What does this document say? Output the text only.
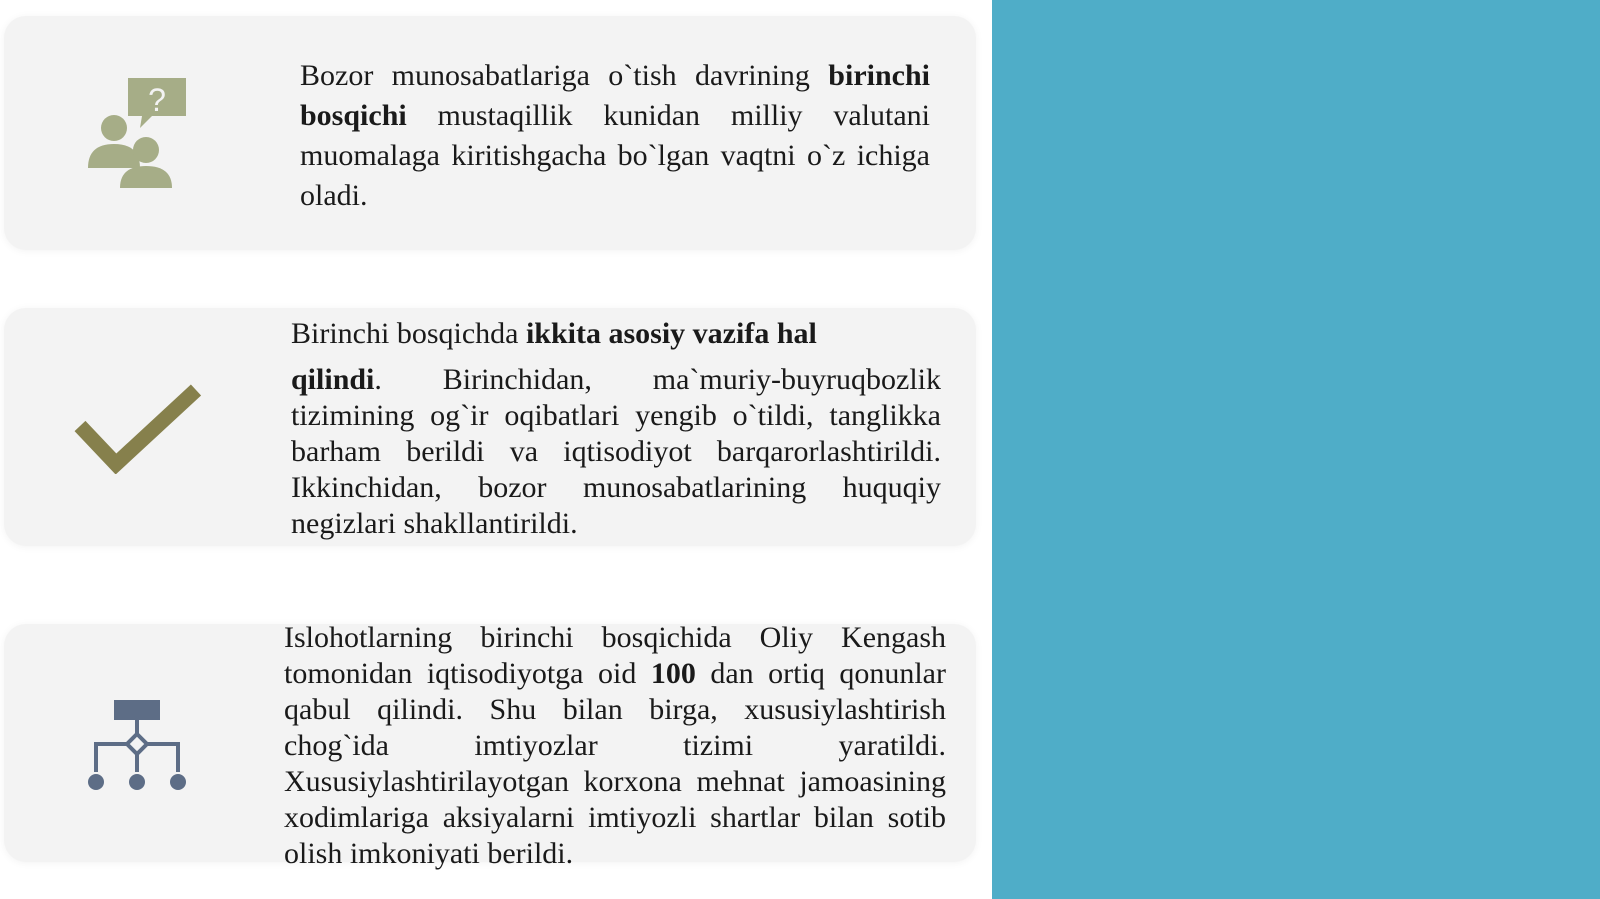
?

Bozor munosabatlariga o`tish davrining birinchi bosqichi mustaqillik kunidan milliy valutani muomalaga kiritishgacha bo`lgan vaqtni o`z ichiga oladi.

Birinchi bosqichda ikkita asosiy vazifa hal

qilindi. Birinchidan, ma`muriy-buyruqbozlik tizimining og`ir oqibatlari yengib o`tildi, tanglikka barham berildi va iqtisodiyot barqarorlashtirildi. Ikkinchidan, bozor munosabatlarining huquqiy negizlari shakllantirildi.

Islohotlarning birinchi bosqichida Oliy Kengash tomonidan iqtisodiyotga oid 100 dan ortiq qonunlar qabul qilindi. Shu bilan birga, xususiylashtirish chog`ida imtiyozlar tizimi yaratildi. Xususiylashtirilayotgan korxona mehnat jamoasining xodimlariga aksiyalarni imtiyozli shartlar bilan sotib olish imkoniyati berildi.
